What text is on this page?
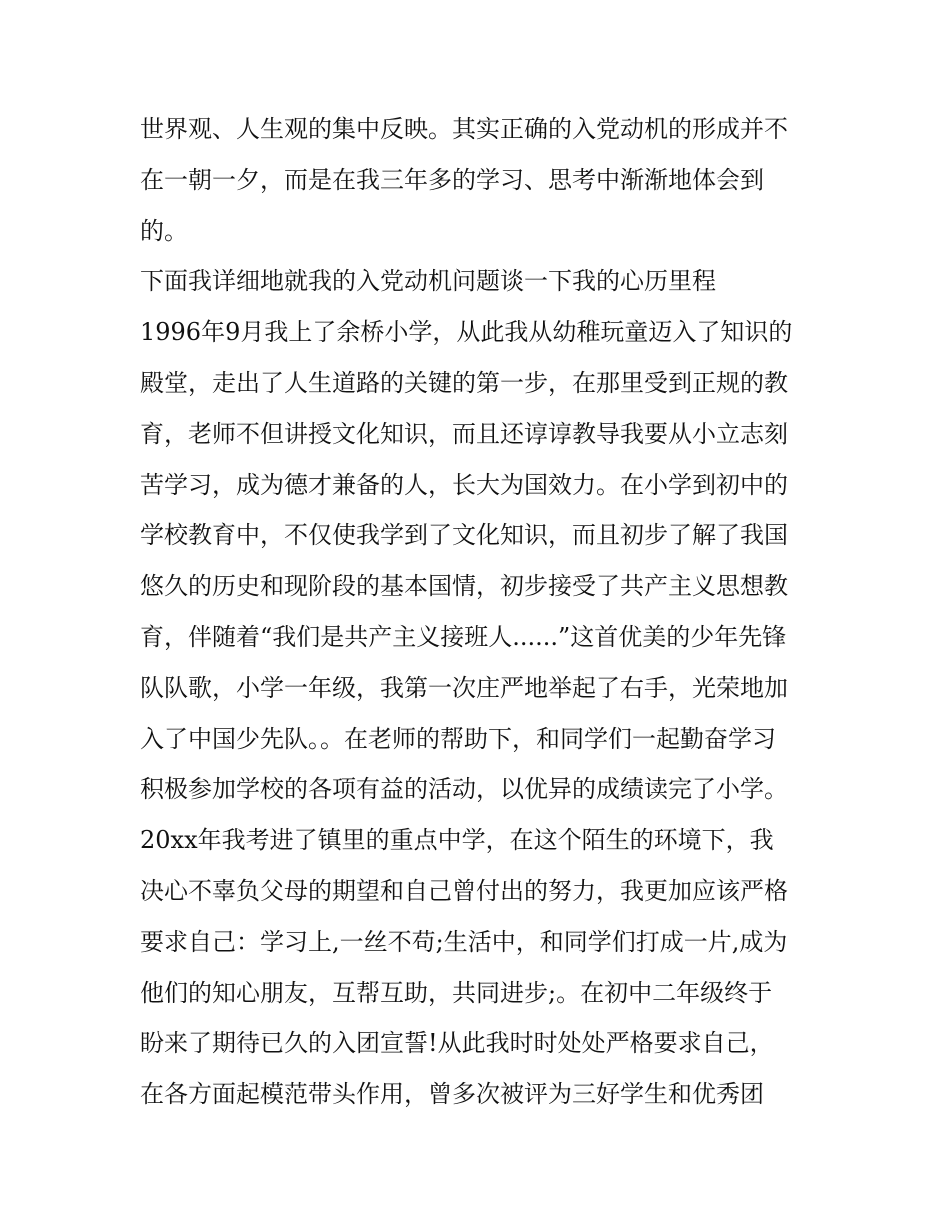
世界观、人生观的集中反映。其实正确的入党动机的形成并不
在一朝一夕，而是在我三年多的学习、思考中渐渐地体会到
的。
下面我详细地就我的入党动机问题谈一下我的心历里程
1996年9月我上了余桥小学，从此我从幼稚玩童迈入了知识的
殿堂，走出了人生道路的关键的第一步，在那里受到正规的教
育，老师不但讲授文化知识，而且还谆谆教导我要从小立志刻
苦学习，成为德才兼备的人，长大为国效力。在小学到初中的
学校教育中，不仅使我学到了文化知识，而且初步了解了我国
悠久的历史和现阶段的基本国情，初步接受了共产主义思想教
育，伴随着“我们是共产主义接班人......”这首优美的少年先锋
队队歌，小学一年级，我第一次庄严地举起了右手，光荣地加
入了中国少先队。。在老师的帮助下，和同学们一起勤奋学习
积极参加学校的各项有益的活动，以优异的成绩读完了小学。
20xx年我考进了镇里的重点中学，在这个陌生的环境下，我
决心不辜负父母的期望和自己曾付出的努力，我更加应该严格
要求自己：学习上,一丝不苟;生活中，和同学们打成一片,成为
他们的知心朋友，互帮互助，共同进步;。在初中二年级终于
盼来了期待已久的入团宣誓!从此我时时处处严格要求自己，
在各方面起模范带头作用，曾多次被评为三好学生和优秀团
